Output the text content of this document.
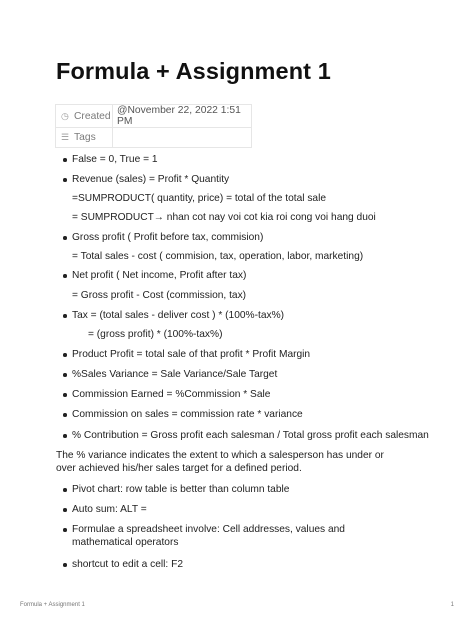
Formula + Assignment 1
◷ Created	@November 22, 2022 1:51 PM
☰ Tags	
False = 0, True = 1
Revenue (sales) = Profit * Quantity
=SUMPRODUCT( quantity, price) = total of the total sale
= SUMPRODUCT→ nhan cot nay voi cot kia roi cong voi hang duoi
Gross profit ( Profit before tax, commision)
= Total sales - cost ( commision, tax, operation, labor, marketing)
Net profit ( Net income, Profit after tax)
= Gross profit - Cost (commission, tax)
Tax = (total sales - deliver cost ) * (100%-tax%)
= (gross profit) * (100%-tax%)
Product Profit = total sale of that profit * Profit Margin
%Sales Variance = Sale Variance/Sale Target
Commission Earned = %Commission * Sale
Commission on sales = commission rate * variance
% Contribution = Gross profit each salesman / Total gross profit each salesman
The % variance indicates the extent to which a salesperson has under or over achieved his/her sales target for a defined period.
Pivot chart: row table is better than column table
Auto sum: ALT =
Formulae a spreadsheet involve: Cell addresses, values and mathematical operators
shortcut to edit a cell: F2
Formula + Assignment 1	1
